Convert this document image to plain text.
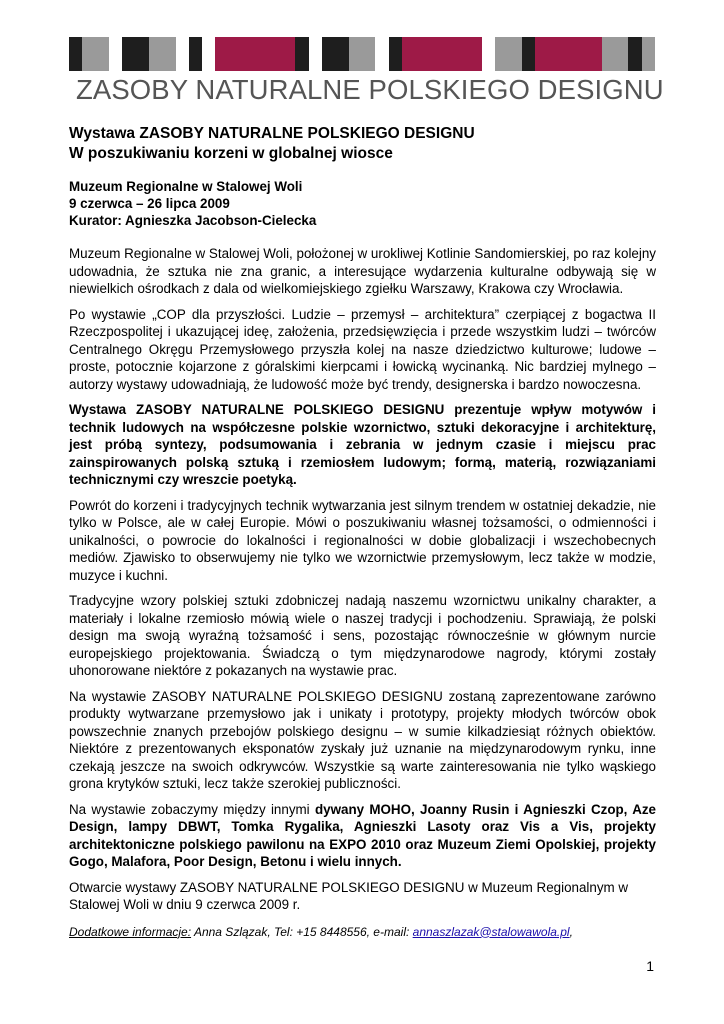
ZASOBY NATURALNE POLSKIEGO DESIGNU
Wystawa ZASOBY NATURALNE POLSKIEGO DESIGNU
W poszukiwaniu korzeni w globalnej wiosce
Muzeum Regionalne w Stalowej Woli
9 czerwca – 26 lipca 2009
Kurator: Agnieszka Jacobson-Cielecka

Muzeum Regionalne w Stalowej Woli, położonej w urokliwej Kotlinie Sandomierskiej, po raz kolejny udowadnia, że sztuka nie zna granic, a interesujące wydarzenia kulturalne odbywają się w niewielkich ośrodkach z dala od wielkomiejskiego zgiełku Warszawy, Krakowa czy Wrocławia.

Po wystawie „COP dla przyszłości. Ludzie – przemysł – architektura” czerpiącej z bogactwa II Rzeczpospolitej i ukazującej ideę, założenia, przedsięwzięcia i przede wszystkim ludzi – twórców Centralnego Okręgu Przemysłowego przyszła kolej na nasze dziedzictwo kulturowe; ludowe – proste, potocznie kojarzone z góralskimi kierpcami i łowicką wycinanką. Nic bardziej mylnego – autorzy wystawy udowadniają, że ludowość może być trendy, designerska i bardzo nowoczesna.

Wystawa ZASOBY NATURALNE POLSKIEGO DESIGNU prezentuje wpływ motywów i technik ludowych na współczesne polskie wzornictwo, sztuki dekoracyjne i architekturę, jest próbą syntezy, podsumowania i zebrania w jednym czasie i miejscu prac zainspirowanych polską sztuką i rzemiosłem ludowym; formą, materią, rozwiązaniami technicznymi czy wreszcie poetyką.

Powrót do korzeni i tradycyjnych technik wytwarzania jest silnym trendem w ostatniej dekadzie, nie tylko w Polsce, ale w całej Europie. Mówi o poszukiwaniu własnej tożsamości, o odmienności i unikalności, o powrocie do lokalności i regionalności w dobie globalizacji i wszechobecnych mediów. Zjawisko to obserwujemy nie tylko we wzornictwie przemysłowym, lecz także w modzie, muzyce i kuchni.

Tradycyjne wzory polskiej sztuki zdobniczej nadają naszemu wzornictwu unikalny charakter, a materiały i lokalne rzemiosło mówią wiele o naszej tradycji i pochodzeniu. Sprawiają, że polski design ma swoją wyraźną tożsamość i sens, pozostając równocześnie w głównym nurcie europejskiego projektowania. Świadczą o tym międzynarodowe nagrody, którymi zostały uhonorowane niektóre z pokazanych na wystawie prac.

Na wystawie ZASOBY NATURALNE POLSKIEGO DESIGNU zostaną zaprezentowane zarówno produkty wytwarzane przemysłowo jak i unikaty i prototypy, projekty młodych twórców obok powszechnie znanych przebojów polskiego designu – w sumie kilkadziesiąt różnych obiektów. Niektóre z prezentowanych eksponatów zyskały już uznanie na międzynarodowym rynku, inne czekają jeszcze na swoich odkrywców. Wszystkie są warte zainteresowania nie tylko wąskiego grona krytyków sztuki, lecz także szerokiej publiczności.

Na wystawie zobaczymy między innymi dywany MOHO, Joanny Rusin i Agnieszki Czop, Aze Design, lampy DBWT, Tomka Rygalika, Agnieszki Lasoty oraz Vis a Vis, projekty architektoniczne polskiego pawilonu na EXPO 2010 oraz Muzeum Ziemi Opolskiej, projekty Gogo, Malafora, Poor Design, Betonu i wielu innych.

Otwarcie wystawy ZASOBY NATURALNE POLSKIEGO DESIGNU w Muzeum Regionalnym w Stalowej Woli w dniu 9 czerwca 2009 r.

Dodatkowe informacje: Anna Szlązak, Tel: +15 8448556, e-mail: annaszlazak@stalowawola.pl,
1
